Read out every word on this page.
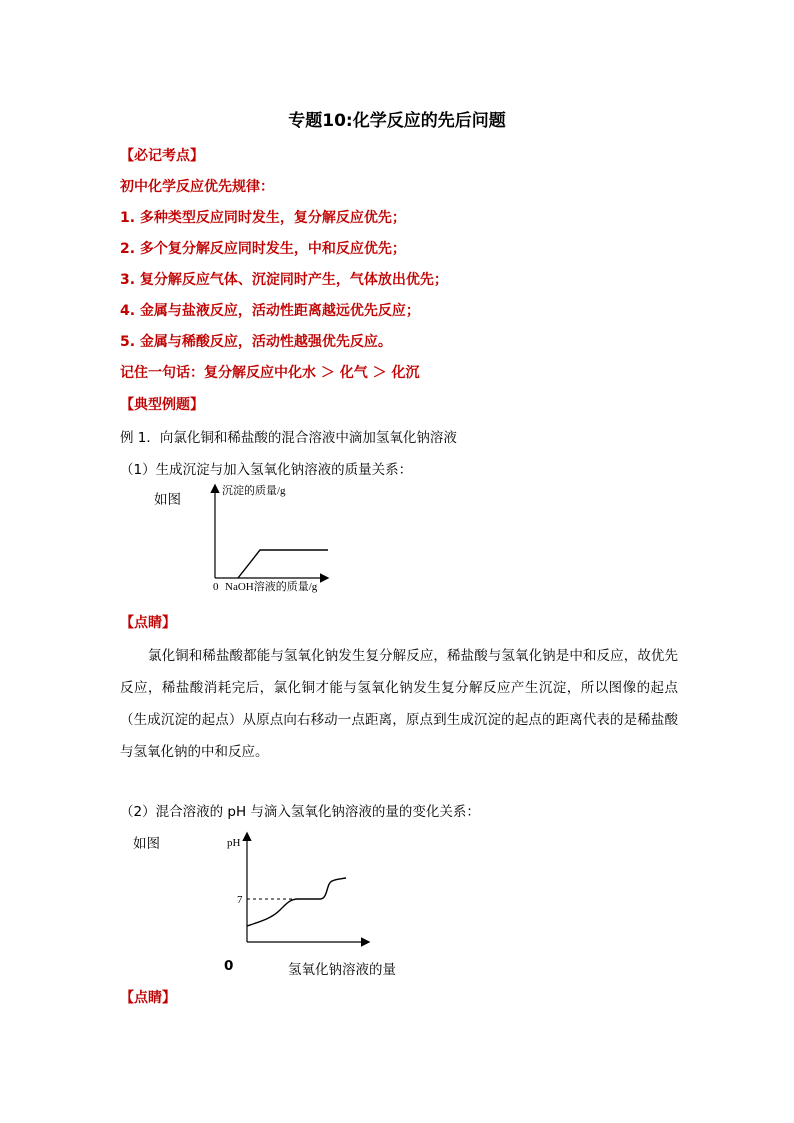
专题10:化学反应的先后问题
【必记考点】
初中化学反应优先规律：
1. 多种类型反应同时发生，复分解反应优先；
2. 多个复分解反应同时发生，中和反应优先；
3. 复分解反应气体、沉淀同时产生，气体放出优先；
4. 金属与盐液反应，活动性距离越远优先反应；
5. 金属与稀酸反应，活动性越强优先反应。
记住一句话：复分解反应中化水 ＞ 化气 ＞ 化沉
【典型例题】
例 1．向氯化铜和稀盐酸的混合溶液中滴加氢氧化钠溶液
（1）生成沉淀与加入氢氧化钠溶液的质量关系：
如图
沉淀的质量/g
0 NaOH溶液的质量/g
【点睛】
氯化铜和稀盐酸都能与氢氧化钠发生复分解反应，稀盐酸与氢氧化钠是中和反应，故优先反应，稀盐酸消耗完后，氯化铜才能与氢氧化钠发生复分解反应产生沉淀，所以图像的起点（生成沉淀的起点）从原点向右移动一点距离，原点到生成沉淀的起点的距离代表的是稀盐酸与氢氧化钠的中和反应。
（2）混合溶液的 pH 与滴入氢氧化钠溶液的量的变化关系：
如图	pH
7
0	氢氧化钠溶液的量
【点睛】
